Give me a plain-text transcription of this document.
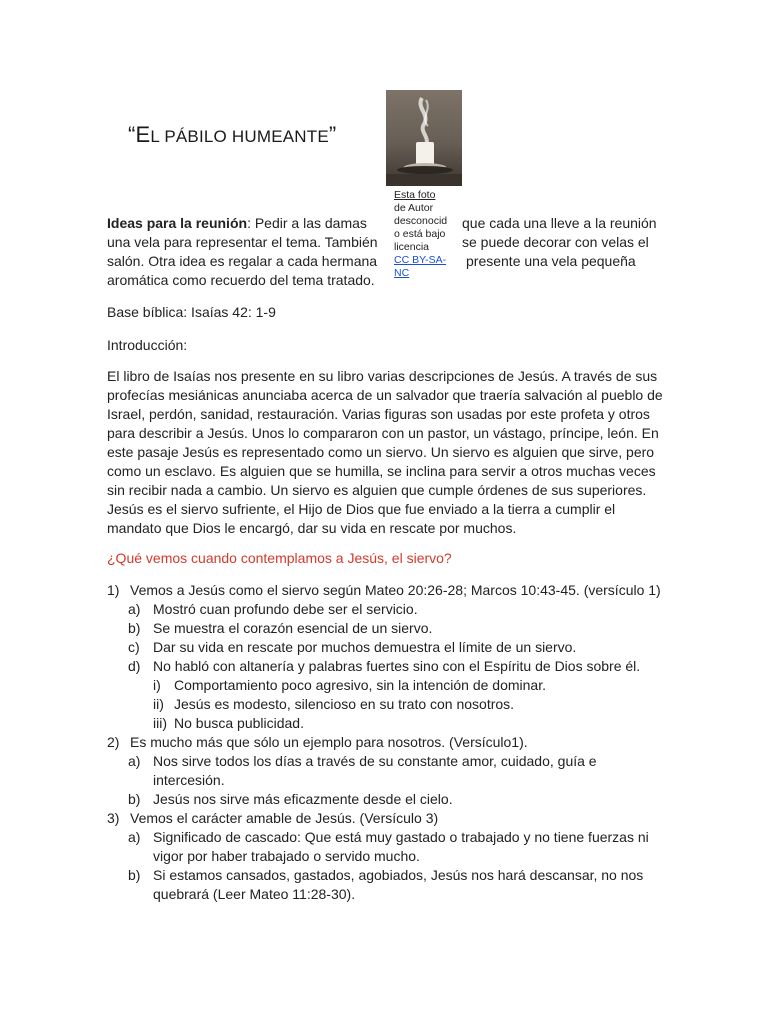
“EL PÁBILO HUMEANTE”
Esta foto
de Autor
desconocid
o está bajo
licencia
CC BY-SA-
NC
Ideas para la reunión: Pedir a las damas
una vela para representar el tema. También
salón. Otra idea es regalar a cada hermana
aromática como recuerdo del tema tratado.
que cada una lleve a la reunión
se puede decorar con velas el
presente una vela pequeña
Base bíblica: Isaías 42: 1-9
Introducción:
El libro de Isaías nos presente en su libro varias descripciones de Jesús. A través de sus
profecías mesiánicas anunciaba acerca de un salvador que traería salvación al pueblo de
Israel, perdón, sanidad, restauración. Varias figuras son usadas por este profeta y otros
para describir a Jesús. Unos lo compararon con un pastor, un vástago, príncipe, león. En
este pasaje Jesús es representado como un siervo. Un siervo es alguien que sirve, pero
como un esclavo. Es alguien que se humilla, se inclina para servir a otros muchas veces
sin recibir nada a cambio. Un siervo es alguien que cumple órdenes de sus superiores.
Jesús es el siervo sufriente, el Hijo de Dios que fue enviado a la tierra a cumplir el
mandato que Dios le encargó, dar su vida en rescate por muchos.
¿Qué vemos cuando contemplamos a Jesús, el siervo?
1) Vemos a Jesús como el siervo según Mateo 20:26-28; Marcos 10:43-45. (versículo 1)
a) Mostró cuan profundo debe ser el servicio.
b) Se muestra el corazón esencial de un siervo.
c) Dar su vida en rescate por muchos demuestra el límite de un siervo.
d) No habló con altanería y palabras fuertes sino con el Espíritu de Dios sobre él.
i) Comportamiento poco agresivo, sin la intención de dominar.
ii) Jesús es modesto, silencioso en su trato con nosotros.
iii) No busca publicidad.
2) Es mucho más que sólo un ejemplo para nosotros. (Versículo1).
a) Nos sirve todos los días a través de su constante amor, cuidado, guía e
intercesión.
b) Jesús nos sirve más eficazmente desde el cielo.
3) Vemos el carácter amable de Jesús. (Versículo 3)
a) Significado de cascado: Que está muy gastado o trabajado y no tiene fuerzas ni
vigor por haber trabajado o servido mucho.
b) Si estamos cansados, gastados, agobiados, Jesús nos hará descansar, no nos
quebrará (Leer Mateo 11:28-30).
